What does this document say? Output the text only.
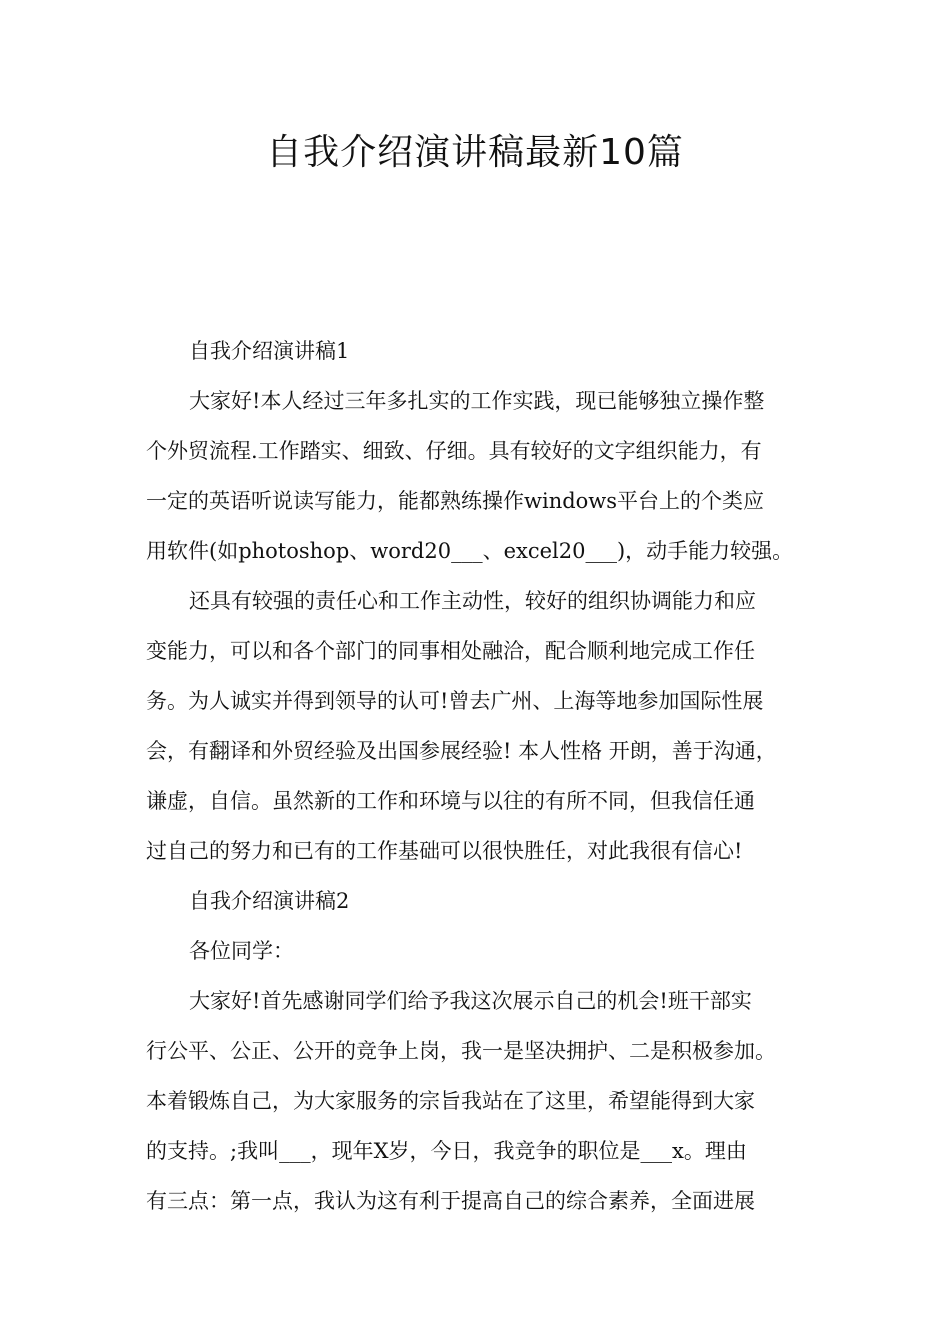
自我介绍演讲稿最新10篇
自我介绍演讲稿1
大家好!本人经过三年多扎实的工作实践，现已能够独立操作整
个外贸流程.工作踏实、细致、仔细。具有较好的文字组织能力，有
一定的英语听说读写能力，能都熟练操作windows平台上的个类应
用软件(如photoshop、word20___、excel20___)，动手能力较强。
还具有较强的责任心和工作主动性，较好的组织协调能力和应
变能力，可以和各个部门的同事相处融洽，配合顺利地完成工作任
务。为人诚实并得到领导的认可!曾去广州、上海等地参加国际性展
会，有翻译和外贸经验及出国参展经验! 本人性格 开朗，善于沟通，
谦虚，自信。虽然新的工作和环境与以往的有所不同，但我信任通
过自己的努力和已有的工作基础可以很快胜任，对此我很有信心!
自我介绍演讲稿2
各位同学：
大家好!首先感谢同学们给予我这次展示自己的机会!班干部实
行公平、公正、公开的竞争上岗，我一是坚决拥护、二是积极参加。
本着锻炼自己，为大家服务的宗旨我站在了这里，希望能得到大家
的支持。;我叫___，现年X岁，今日，我竞争的职位是___x。理由
有三点：第一点，我认为这有利于提高自己的综合素养，全面进展
